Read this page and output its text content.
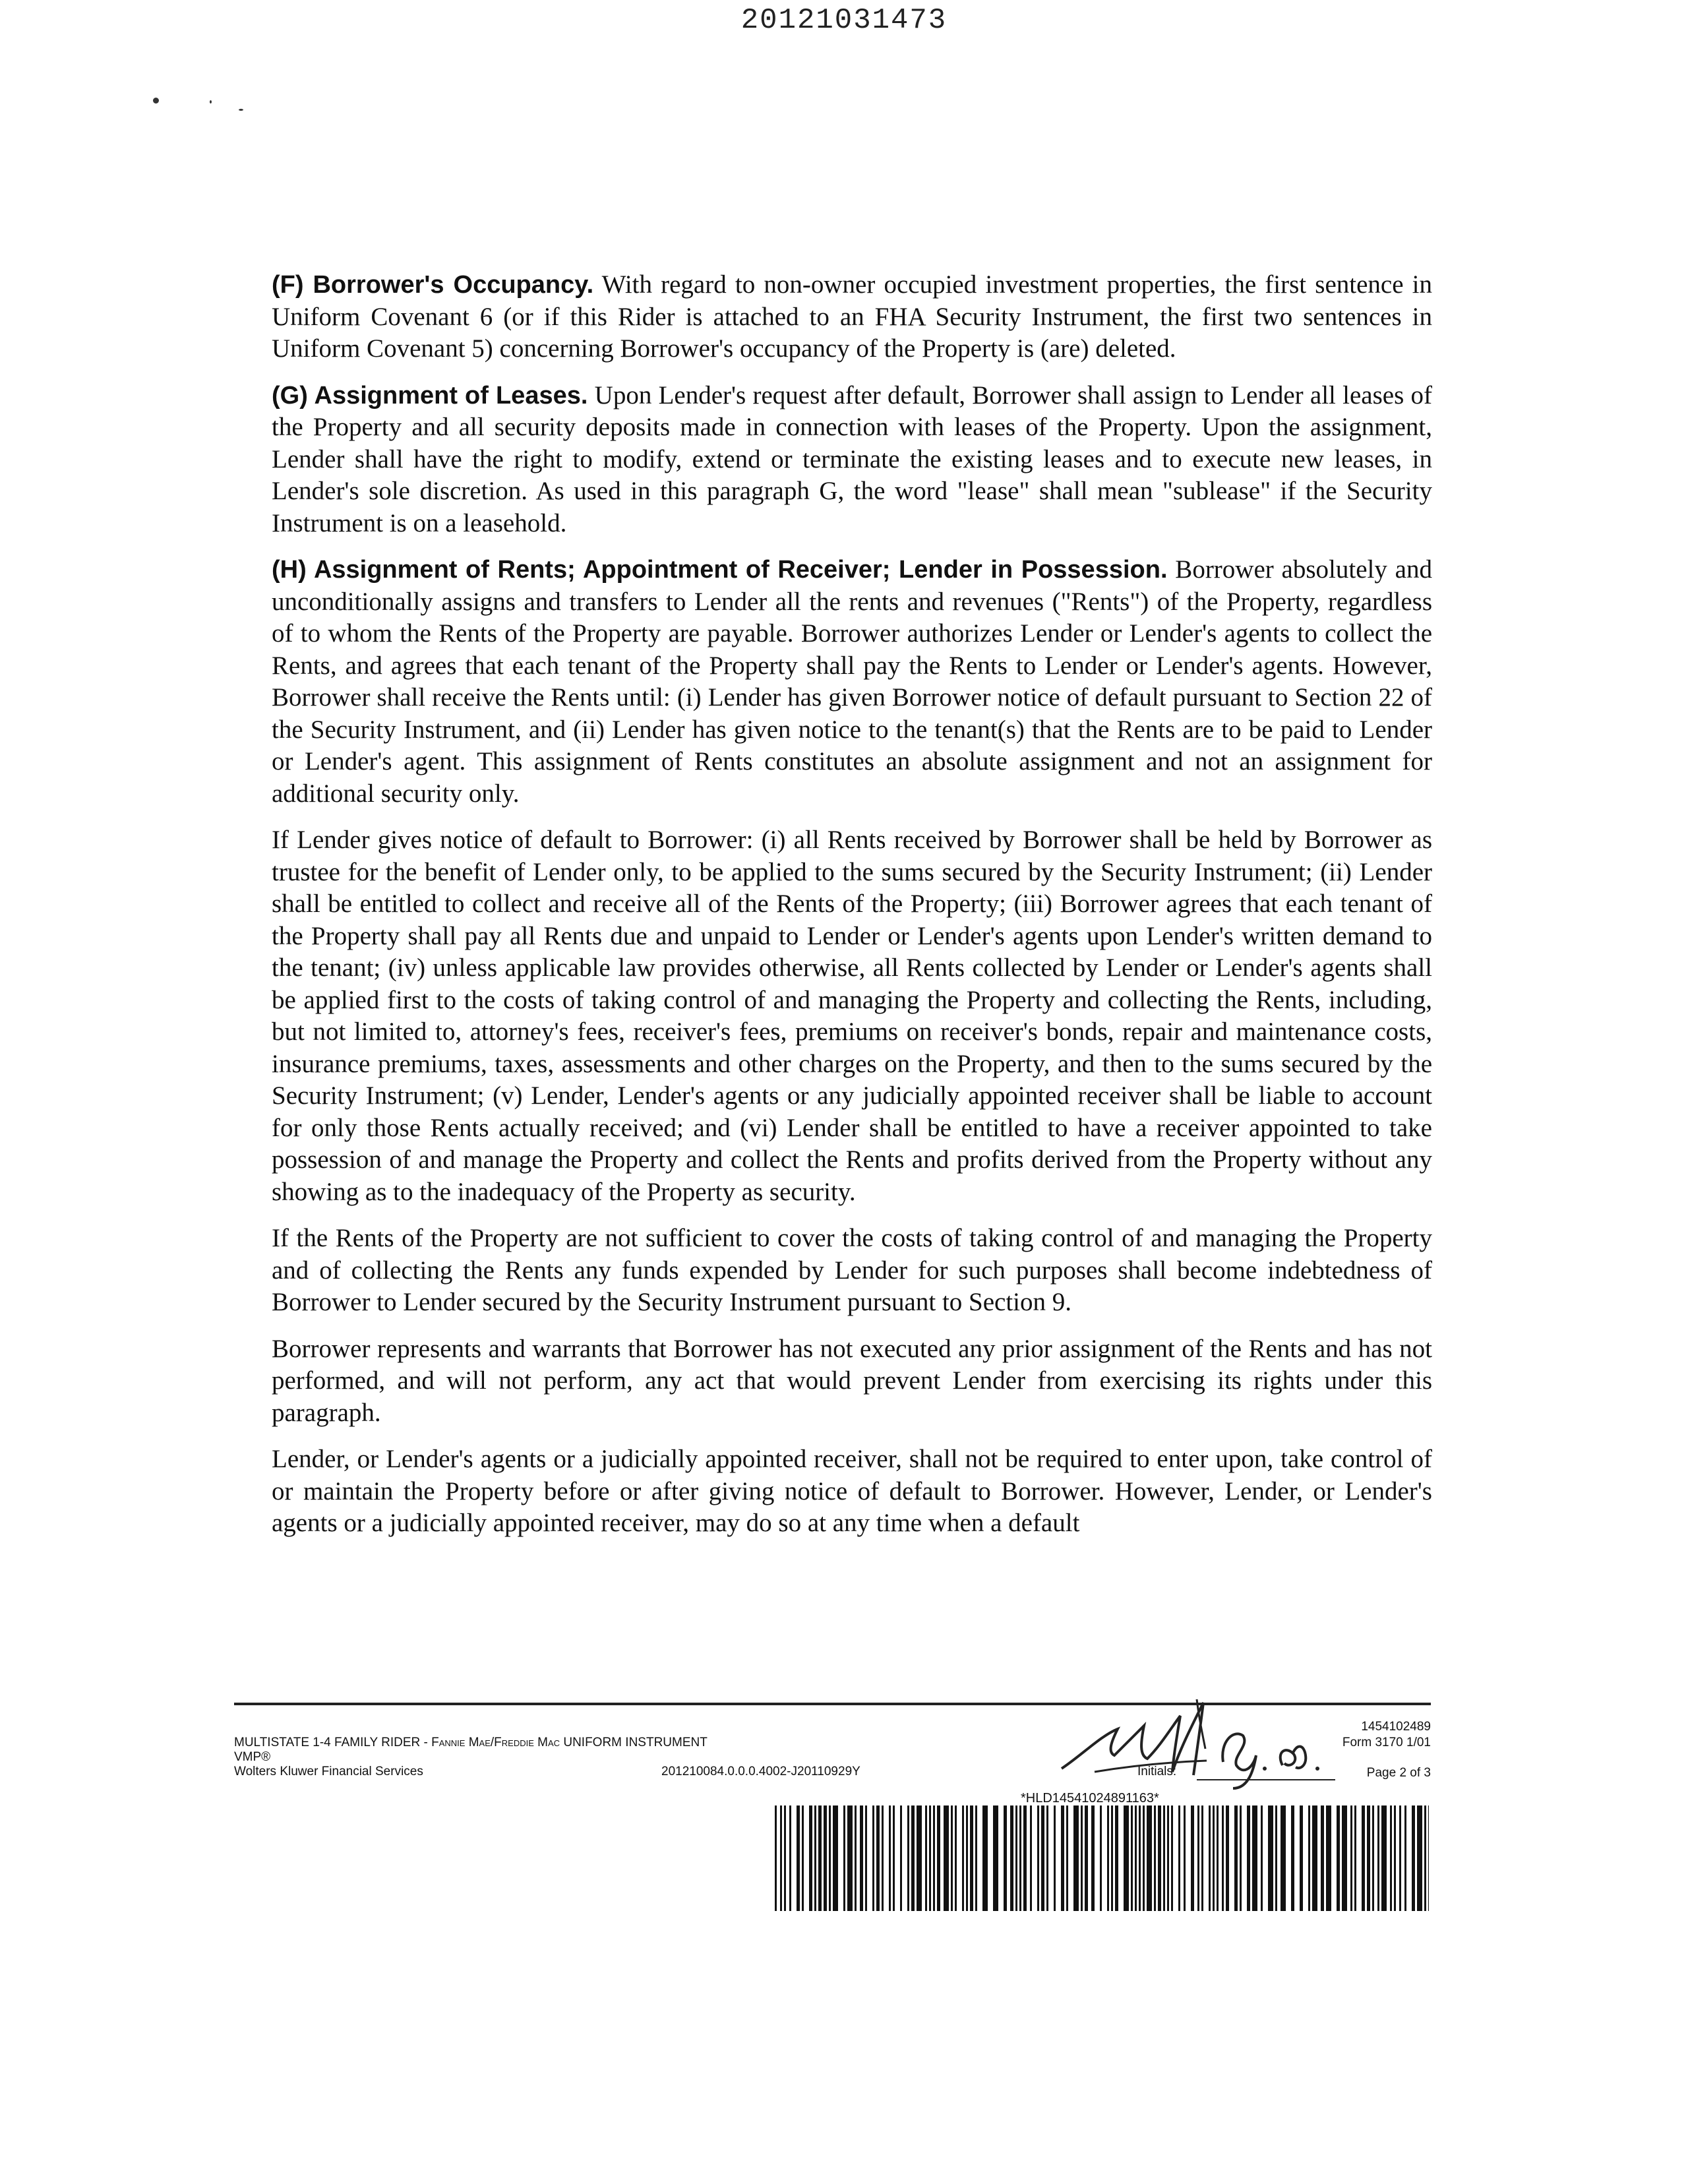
20121031473

(F) Borrower's Occupancy. With regard to non-owner occupied investment properties, the first sentence in Uniform Covenant 6 (or if this Rider is attached to an FHA Security Instrument, the first two sentences in Uniform Covenant 5) concerning Borrower's occupancy of the Property is (are) deleted.

(G) Assignment of Leases. Upon Lender's request after default, Borrower shall assign to Lender all leases of the Property and all security deposits made in connection with leases of the Property. Upon the assignment, Lender shall have the right to modify, extend or terminate the existing leases and to execute new leases, in Lender's sole discretion. As used in this paragraph G, the word "lease" shall mean "sublease" if the Security Instrument is on a leasehold.

(H) Assignment of Rents; Appointment of Receiver; Lender in Possession. Borrower absolutely and unconditionally assigns and transfers to Lender all the rents and revenues ("Rents") of the Property, regardless of to whom the Rents of the Property are payable. Borrower authorizes Lender or Lender's agents to collect the Rents, and agrees that each tenant of the Property shall pay the Rents to Lender or Lender's agents. However, Borrower shall receive the Rents until: (i) Lender has given Borrower notice of default pursuant to Section 22 of the Security Instrument, and (ii) Lender has given notice to the tenant(s) that the Rents are to be paid to Lender or Lender's agent. This assignment of Rents constitutes an absolute assignment and not an assignment for additional security only.

If Lender gives notice of default to Borrower: (i) all Rents received by Borrower shall be held by Borrower as trustee for the benefit of Lender only, to be applied to the sums secured by the Security Instrument; (ii) Lender shall be entitled to collect and receive all of the Rents of the Property; (iii) Borrower agrees that each tenant of the Property shall pay all Rents due and unpaid to Lender or Lender's agents upon Lender's written demand to the tenant; (iv) unless applicable law provides otherwise, all Rents collected by Lender or Lender's agents shall be applied first to the costs of taking control of and managing the Property and collecting the Rents, including, but not limited to, attorney's fees, receiver's fees, premiums on receiver's bonds, repair and maintenance costs, insurance premiums, taxes, assessments and other charges on the Property, and then to the sums secured by the Security Instrument; (v) Lender, Lender's agents or any judicially appointed receiver shall be liable to account for only those Rents actually received; and (vi) Lender shall be entitled to have a receiver appointed to take possession of and manage the Property and collect the Rents and profits derived from the Property without any showing as to the inadequacy of the Property as security.

If the Rents of the Property are not sufficient to cover the costs of taking control of and managing the Property and of collecting the Rents any funds expended by Lender for such purposes shall become indebtedness of Borrower to Lender secured by the Security Instrument pursuant to Section 9.

Borrower represents and warrants that Borrower has not executed any prior assignment of the Rents and has not performed, and will not perform, any act that would prevent Lender from exercising its rights under this paragraph.

Lender, or Lender's agents or a judicially appointed receiver, shall not be required to enter upon, take control of or maintain the Property before or after giving notice of default to Borrower. However, Lender, or Lender's agents or a judicially appointed receiver, may do so at any time when a default

MULTISTATE 1-4 FAMILY RIDER - Fannie Mae/Freddie Mac UNIFORM INSTRUMENT
VMP®
Wolters Kluwer Financial Services	201210084.0.0.0.4002-J20110929Y
1454102489
Form 3170 1/01
Initials:	Page 2 of 3
*HLD14541024891163*
